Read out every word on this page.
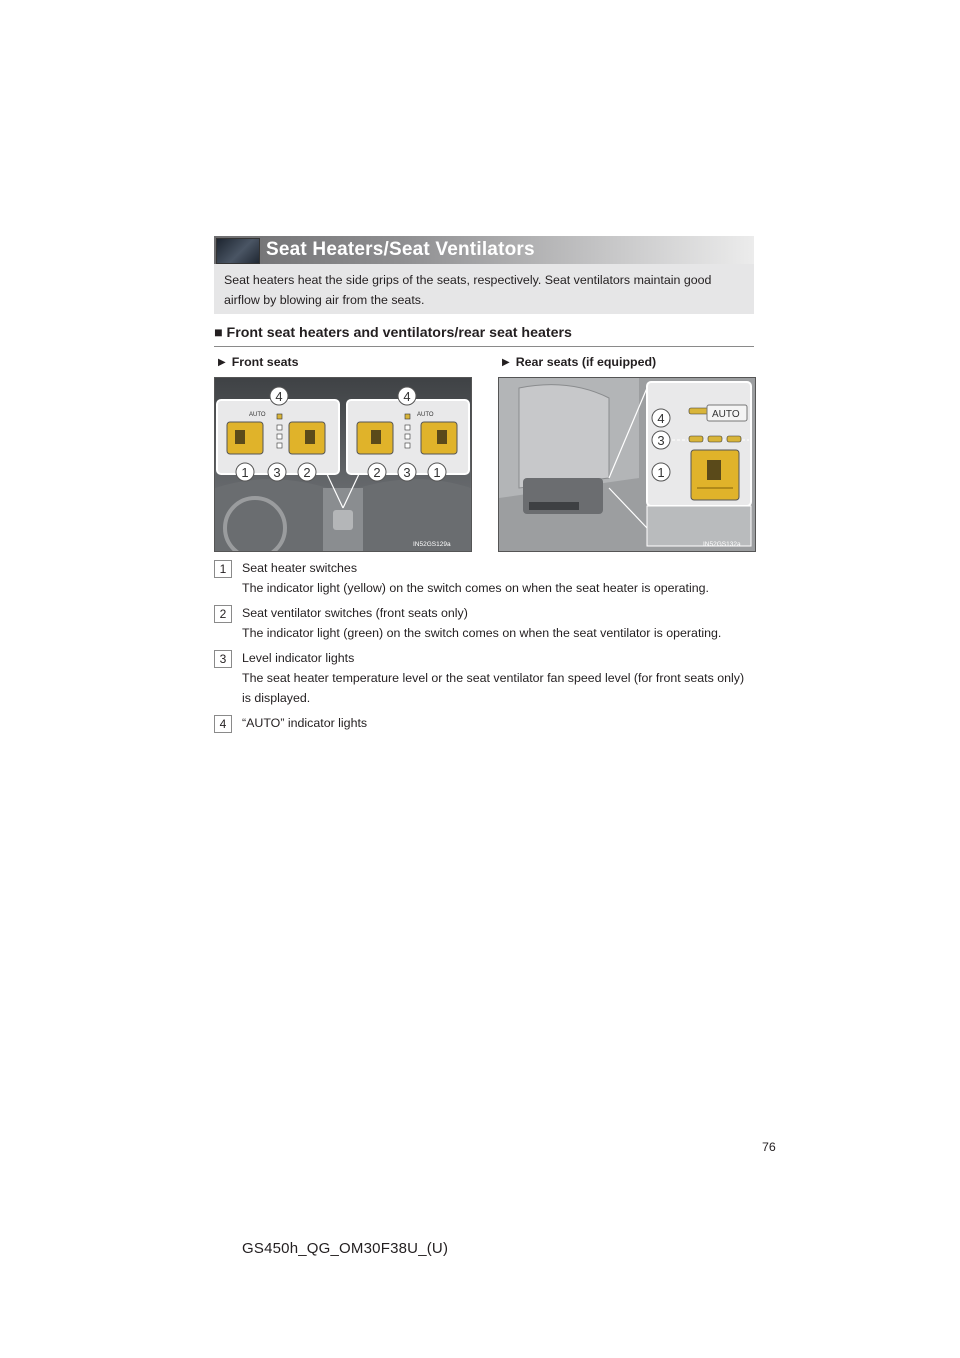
Seat Heaters/Seat Ventilators
Seat heaters heat the side grips of the seats, respectively. Seat ventilators maintain good airflow by blowing air from the seats.
■ Front seat heaters and ventilators/rear seat heaters
▶ Front seats	▶ Rear seats (if equipped)
AUTO	AUTO
4	4
1 3 2	2 3 1
IN52GS129a
AUTO
4
3
1
IN52GS132a
1	Seat heater switches
The indicator light (yellow) on the switch comes on when the seat heater is operating.
2	Seat ventilator switches (front seats only)
The indicator light (green) on the switch comes on when the seat ventilator is operating.
3	Level indicator lights
The seat heater temperature level or the seat ventilator fan speed level (for front seats only) is displayed.
4	“AUTO” indicator lights
76
GS450h_QG_OM30F38U_(U)
